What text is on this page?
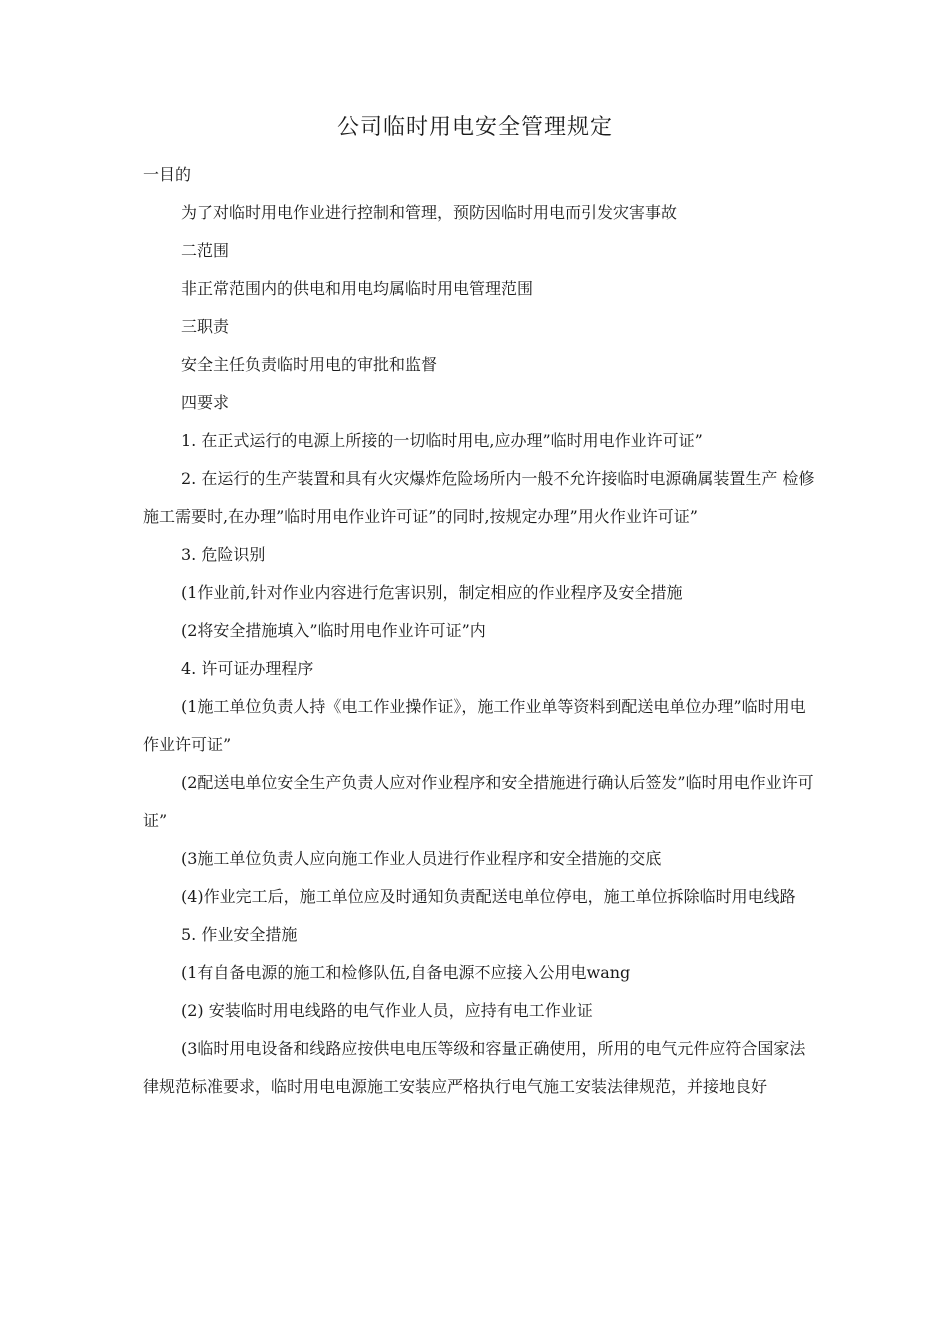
公司临时用电安全管理规定

一目的

为了对临时用电作业进行控制和管理，预防因临时用电而引发灾害事故

二范围

非正常范围内的供电和用电均属临时用电管理范围

三职责

安全主任负责临时用电的审批和监督

四要求

1. 在正式运行的电源上所接的一切临时用电,应办理”临时用电作业许可证”

2. 在运行的生产装置和具有火灾爆炸危险场所内一般不允许接临时电源确属装置生产 检修施工需要时,在办理”临时用电作业许可证”的同时,按规定办理”用火作业许可证”

3. 危险识别

(1作业前,针对作业内容进行危害识别，制定相应的作业程序及安全措施

(2将安全措施填入”临时用电作业许可证”内

4. 许可证办理程序

(1施工单位负责人持《电工作业操作证》，施工作业单等资料到配送电单位办理”临时用电作业许可证”

(2配送电单位安全生产负责人应对作业程序和安全措施进行确认后签发”临时用电作业许可证”

(3施工单位负责人应向施工作业人员进行作业程序和安全措施的交底

(4)作业完工后，施工单位应及时通知负责配送电单位停电，施工单位拆除临时用电线路

5. 作业安全措施

(1有自备电源的施工和检修队伍,自备电源不应接入公用电wang

(2) 安装临时用电线路的电气作业人员，应持有电工作业证

(3临时用电设备和线路应按供电电压等级和容量正确使用，所用的电气元件应符合国家法律规范标准要求，临时用电电源施工安装应严格执行电气施工安装法律规范，并接地良好
